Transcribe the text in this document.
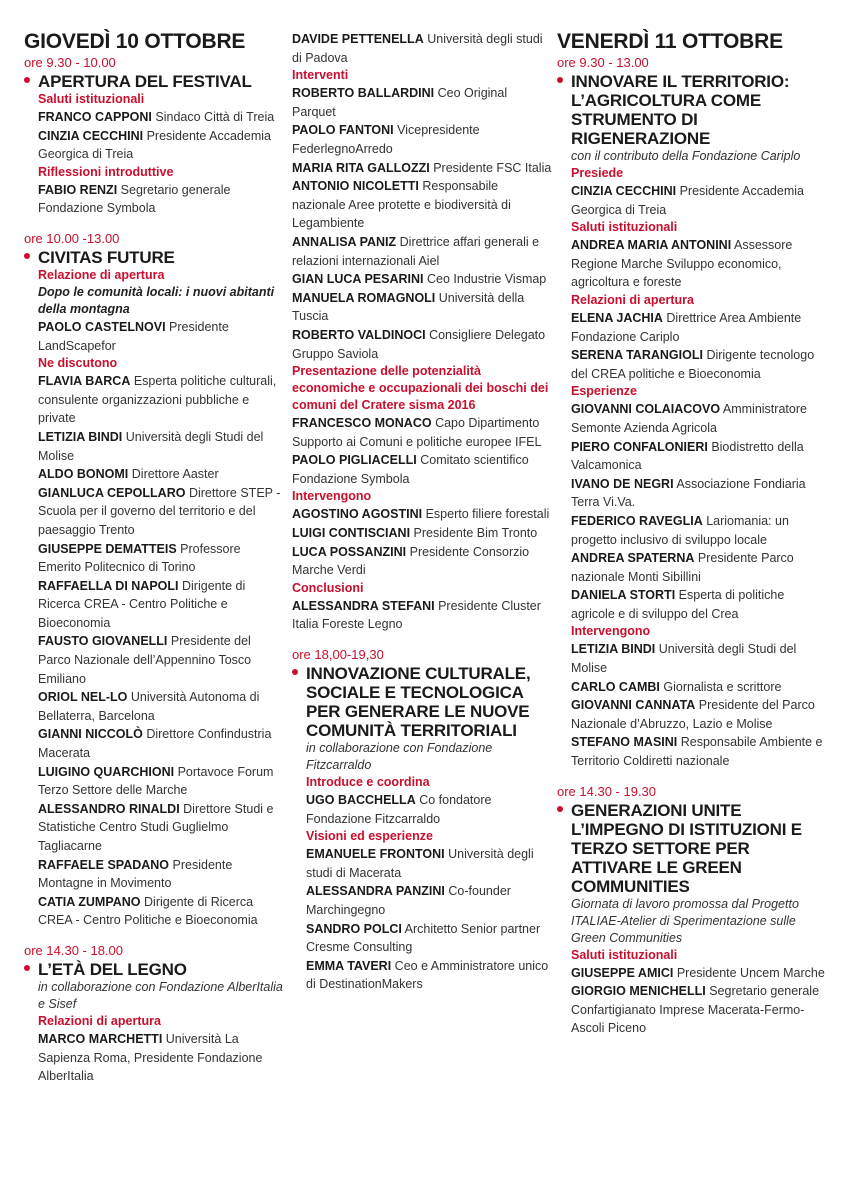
GIOVEDÌ 10 OTTOBRE
ore 9.30 - 10.00
APERTURA DEL FESTIVAL
Saluti istituzionali
FRANCO CAPPONI Sindaco Città di Treia
CINZIA CECCHINI Presidente Accademia Georgica di Treia
Riflessioni introduttive
FABIO RENZI Segretario generale Fondazione Symbola
ore 10.00 -13.00
CIVITAS FUTURE
Relazione di apertura
Dopo le comunità locali: i nuovi abitanti della montagna
PAOLO CASTELNOVI Presidente LandScapefor
Ne discutono
FLAVIA BARCA Esperta politiche culturali, consulente organizzazioni pubbliche e private
LETIZIA BINDI Università degli Studi del Molise
ALDO BONOMI Direttore Aaster
GIANLUCA CEPOLLARO Direttore STEP - Scuola per il governo del territorio e del paesaggio Trento
GIUSEPPE DEMATTEIS Professore Emerito Politecnico di Torino
RAFFAELLA DI NAPOLI Dirigente di Ricerca CREA - Centro Politiche e Bioeconomia
FAUSTO GIOVANELLI Presidente del Parco Nazionale dell’Appennino Tosco Emiliano
ORIOL NEL-LO Università Autonoma di Bellaterra, Barcelona
GIANNI NICCOLÒ Direttore Confindustria Macerata
LUIGINO QUARCHIONI Portavoce Forum Terzo Settore delle Marche
ALESSANDRO RINALDI Direttore Studi e Statistiche Centro Studi Guglielmo Tagliacarne
RAFFAELE SPADANO Presidente Montagne in Movimento
CATIA ZUMPANO Dirigente di Ricerca CREA - Centro Politiche e Bioeconomia
ore 14.30 - 18.00
L’ETÀ DEL LEGNO
in collaborazione con Fondazione AlberItalia e Sisef
Relazioni di apertura
MARCO MARCHETTI Università La Sapienza Roma, Presidente Fondazione AlberItalia
DAVIDE PETTENELLA Università degli studi di Padova
Interventi
ROBERTO BALLARDINI Ceo Original Parquet
PAOLO FANTONI Vicepresidente FederlegnoArredo
MARIA RITA GALLOZZI Presidente FSC Italia
ANTONIO NICOLETTI Responsabile nazionale Aree protette e biodiversità di Legambiente
ANNALISA PANIZ Direttrice affari generali e relazioni internazionali Aiel
GIAN LUCA PESARINI Ceo Industrie Vismap
MANUELA ROMAGNOLI Università della Tuscia
ROBERTO VALDINOCI Consigliere Delegato Gruppo Saviola
Presentazione delle potenzialità economiche e occupazionali dei boschi dei comuni del Cratere sisma 2016
FRANCESCO MONACO Capo Dipartimento Supporto ai Comuni e politiche europee IFEL
PAOLO PIGLIACELLI Comitato scientifico Fondazione Symbola
Intervengono
AGOSTINO AGOSTINI Esperto filiere forestali
LUIGI CONTISCIANI Presidente Bim Tronto
LUCA POSSANZINI Presidente Consorzio Marche Verdi
Conclusioni
ALESSANDRA STEFANI Presidente Cluster Italia Foreste Legno
ore 18,00-19,30
INNOVAZIONE CULTURALE, SOCIALE E TECNOLOGICA PER GENERARE LE NUOVE COMUNITÀ TERRITORIALI
in collaborazione con Fondazione Fitzcarraldo
Introduce e coordina
UGO BACCHELLA Co fondatore Fondazione Fitzcarraldo
Visioni ed esperienze
EMANUELE FRONTONI Università degli studi di Macerata
ALESSANDRA PANZINI Co-founder Marchingegno
SANDRO POLCI Architetto Senior partner Cresme Consulting
EMMA TAVERI Ceo e Amministratore unico di DestinationMakers
VENERDÌ 11 OTTOBRE
ore 9.30 - 13.00
INNOVARE IL TERRITORIO: L’AGRICOLTURA COME STRUMENTO DI RIGENERAZIONE
con il contributo della Fondazione Cariplo
Presiede
CINZIA CECCHINI Presidente Accademia Georgica di Treia
Saluti istituzionali
ANDREA MARIA ANTONINI Assessore Regione Marche Sviluppo economico, agricoltura e foreste
Relazioni di apertura
ELENA JACHIA Direttrice Area Ambiente Fondazione Cariplo
SERENA TARANGIOLI Dirigente tecnologo del CREA politiche e Bioeconomia
Esperienze
GIOVANNI COLAIACOVO Amministratore Semonte Azienda Agricola
PIERO CONFALONIERI Biodistretto della Valcamonica
IVANO DE NEGRI Associazione Fondiaria Terra Vi.Va.
FEDERICO RAVEGLIA Lariomania: un progetto inclusivo di sviluppo locale
ANDREA SPATERNA Presidente Parco nazionale Monti Sibillini
DANIELA STORTI Esperta di politiche agricole e di sviluppo del Crea
Intervengono
LETIZIA BINDI Università degli Studi del Molise
CARLO CAMBI Giornalista e scrittore
GIOVANNI CANNATA Presidente del Parco Nazionale d’Abruzzo, Lazio e Molise
STEFANO MASINI Responsabile Ambiente e Territorio Coldiretti nazionale
ore 14.30 - 19.30
GENERAZIONI UNITE L’IMPEGNO DI ISTITUZIONI E TERZO SETTORE PER ATTIVARE LE GREEN COMMUNITIES
Giornata di lavoro promossa dal Progetto ITALIAE-Atelier di Sperimentazione sulle Green Communities
Saluti istituzionali
GIUSEPPE AMICI Presidente Uncem Marche
GIORGIO MENICHELLI Segretario generale Confartigianato Imprese Macerata-Fermo-Ascoli Piceno
